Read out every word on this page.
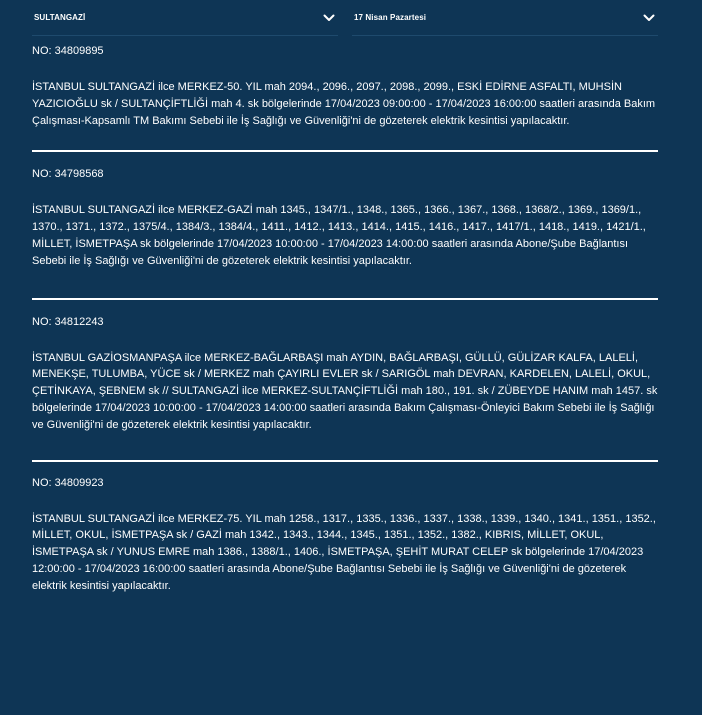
SULTANGAZİ	17 Nisan Pazartesi
NO: 34809895

İSTANBUL SULTANGAZİ ilce MERKEZ-50. YIL mah 2094., 2096., 2097., 2098., 2099., ESKİ EDİRNE ASFALTI, MUHSİN YAZICIOĞLU sk / SULTANÇİFTLİĞİ mah 4. sk bölgelerinde 17/04/2023 09:00:00 - 17/04/2023 16:00:00 saatleri arasında Bakım Çalışması-Kapsamlı TM Bakımı Sebebi ile İş Sağlığı ve Güvenliği'ni de gözeterek elektrik kesintisi yapılacaktır.

NO: 34798568

İSTANBUL SULTANGAZİ ilce MERKEZ-GAZİ mah 1345., 1347/1., 1348., 1365., 1366., 1367., 1368., 1368/2., 1369., 1369/1., 1370., 1371., 1372., 1375/4., 1384/3., 1384/4., 1411., 1412., 1413., 1414., 1415., 1416., 1417., 1417/1., 1418., 1419., 1421/1., MİLLET, İSMETPAŞA sk bölgelerinde 17/04/2023 10:00:00 - 17/04/2023 14:00:00 saatleri arasında Abone/Şube Bağlantısı Sebebi ile İş Sağlığı ve Güvenliği'ni de gözeterek elektrik kesintisi yapılacaktır.

NO: 34812243

İSTANBUL GAZİOSMANPAŞA ilce MERKEZ-BAĞLARBAŞI mah AYDIN, BAĞLARBAŞI, GÜLLÜ, GÜLİZAR KALFA, LALELİ, MENEKŞE, TULUMBA, YÜCE sk / MERKEZ mah ÇAYIRLI EVLER sk / SARIGÖL mah DEVRAN, KARDELEN, LALELİ, OKUL, ÇETİNKAYA, ŞEBNEM sk // SULTANGAZİ ilce MERKEZ-SULTANÇİFTLİĞİ mah 180., 191. sk / ZÜBEYDE HANIM mah 1457. sk bölgelerinde 17/04/2023 10:00:00 - 17/04/2023 14:00:00 saatleri arasında Bakım Çalışması-Önleyici Bakım Sebebi ile İş Sağlığı ve Güvenliği'ni de gözeterek elektrik kesintisi yapılacaktır.

NO: 34809923

İSTANBUL SULTANGAZİ ilce MERKEZ-75. YIL mah 1258., 1317., 1335., 1336., 1337., 1338., 1339., 1340., 1341., 1351., 1352., MİLLET, OKUL, İSMETPAŞA sk / GAZİ mah 1342., 1343., 1344., 1345., 1351., 1352., 1382., KIBRIS, MİLLET, OKUL, İSMETPAŞA sk / YUNUS EMRE mah 1386., 1388/1., 1406., İSMETPAŞA, ŞEHİT MURAT CELEP sk bölgelerinde 17/04/2023 12:00:00 - 17/04/2023 16:00:00 saatleri arasında Abone/Şube Bağlantısı Sebebi ile İş Sağlığı ve Güvenliği'ni de gözeterek elektrik kesintisi yapılacaktır.
